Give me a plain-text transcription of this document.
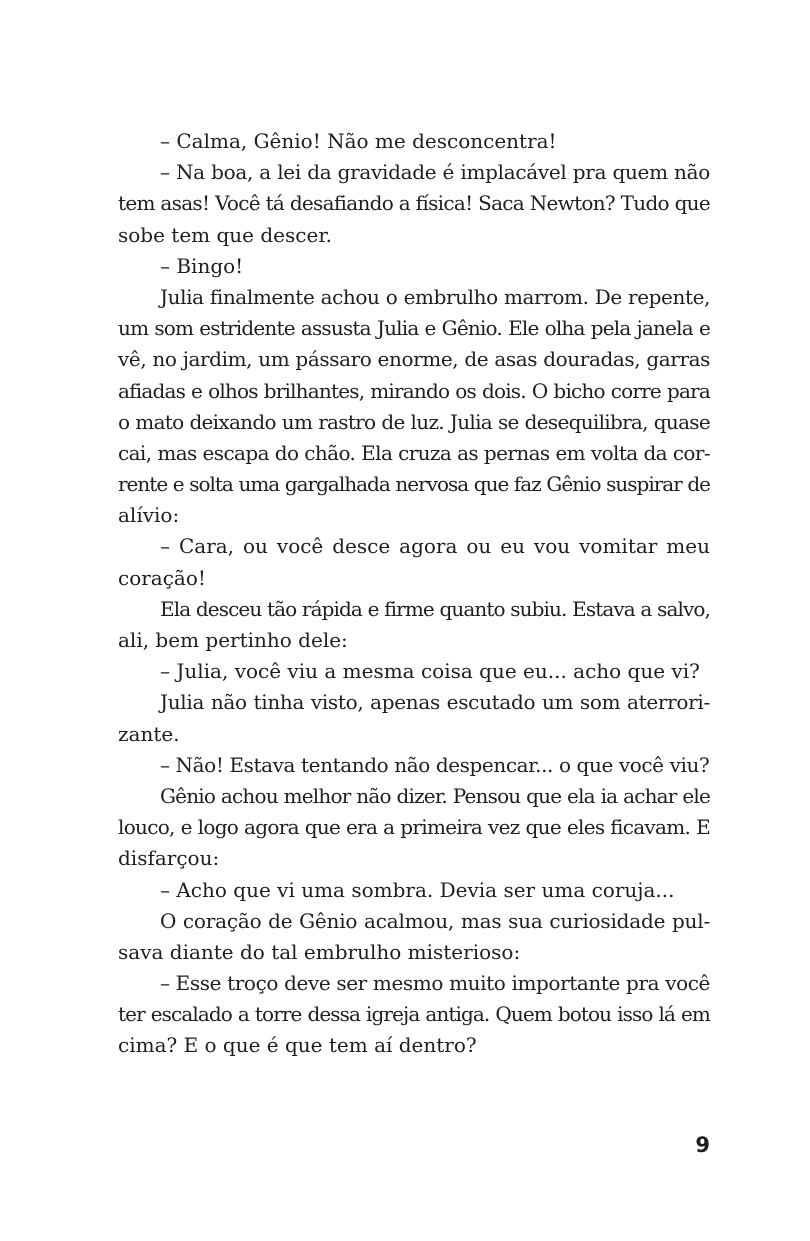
– Calma, Gênio! Não me desconcentra!
– Na boa, a lei da gravidade é implacável pra quem não
tem asas! Você tá desafiando a física! Saca Newton? Tudo que
sobe tem que descer.
– Bingo!
Julia finalmente achou o embrulho marrom. De repente,
um som estridente assusta Julia e Gênio. Ele olha pela janela e
vê, no jardim, um pássaro enorme, de asas douradas, garras
afiadas e olhos brilhantes, mirando os dois. O bicho corre para
o mato deixando um rastro de luz. Julia se desequilibra, quase
cai, mas escapa do chão. Ela cruza as pernas em volta da cor-
rente e solta uma gargalhada nervosa que faz Gênio suspirar de
alívio:
– Cara, ou você desce agora ou eu vou vomitar meu
coração!
Ela desceu tão rápida e firme quanto subiu. Estava a salvo,
ali, bem pertinho dele:
– Julia, você viu a mesma coisa que eu... acho que vi?
Julia não tinha visto, apenas escutado um som aterrori-
zante.
– Não! Estava tentando não despencar... o que você viu?
Gênio achou melhor não dizer. Pensou que ela ia achar ele
louco, e logo agora que era a primeira vez que eles ficavam. E
disfarçou:
– Acho que vi uma sombra. Devia ser uma coruja...
O coração de Gênio acalmou, mas sua curiosidade pul-
sava diante do tal embrulho misterioso:
– Esse troço deve ser mesmo muito importante pra você
ter escalado a torre dessa igreja antiga. Quem botou isso lá em
cima? E o que é que tem aí dentro?
9
